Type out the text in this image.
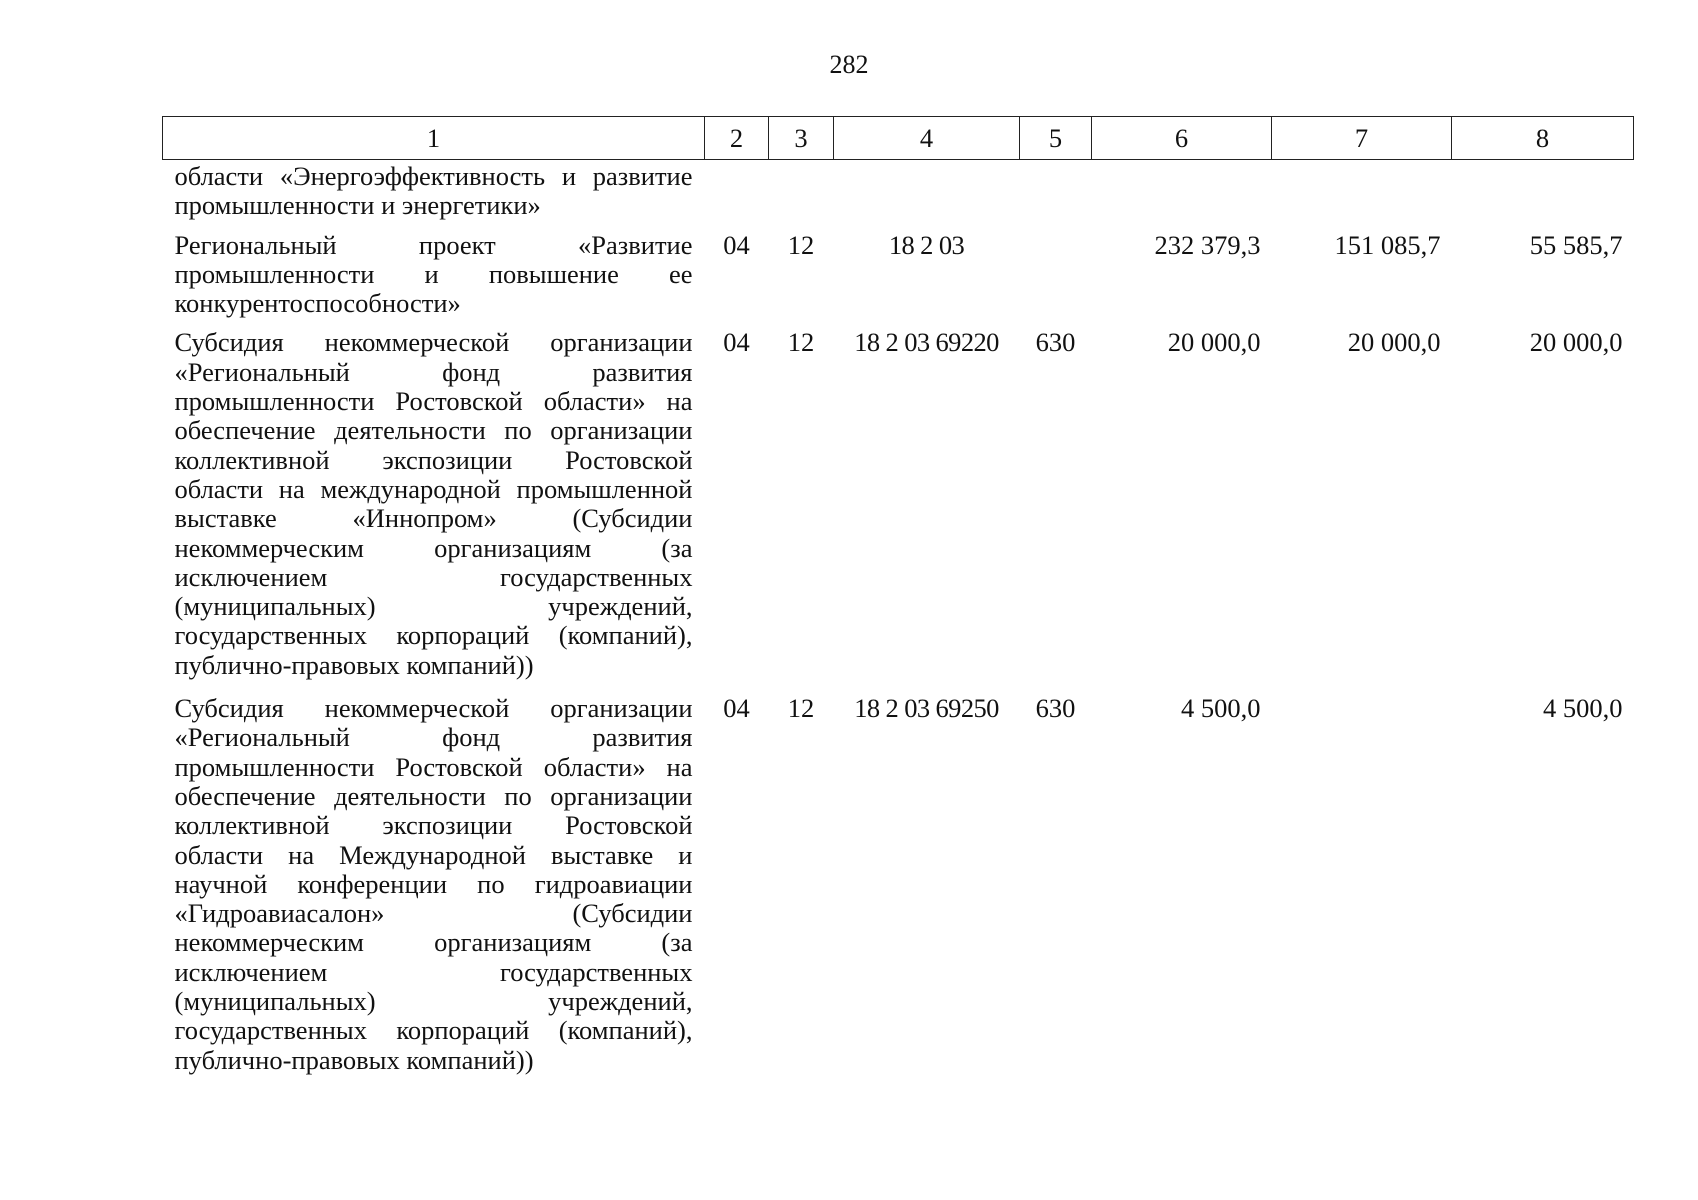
282
1	2	3	4	5	6	7	8
области «Энергоэффективность и развитие промышленности и энергетики»							
Региональный проект «Развитие промышленности и повышение ее конкурентоспособности»	04	12	18 2 03		232 379,3	151 085,7	55 585,7
Субсидия некоммерческой организации «Региональный фонд развития промышленности Ростовской области» на обеспечение деятельности по организации коллективной экспозиции Ростовской области на международной промышленной выставке «Иннопром» (Субсидии некоммерческим организациям (за исключением государственных (муниципальных) учреждений, государственных корпораций (компаний), публично-правовых компаний))	04	12	18 2 03 69220	630	20 000,0	20 000,0	20 000,0
Субсидия некоммерческой организации «Региональный фонд развития промышленности Ростовской области» на обеспечение деятельности по организации коллективной экспозиции Ростовской области на Международной выставке и научной конференции по гидроавиации «Гидроавиасалон» (Субсидии некоммерческим организациям (за исключением государственных (муниципальных) учреждений, государственных корпораций (компаний), публично-правовых компаний))	04	12	18 2 03 69250	630	4 500,0		4 500,0
